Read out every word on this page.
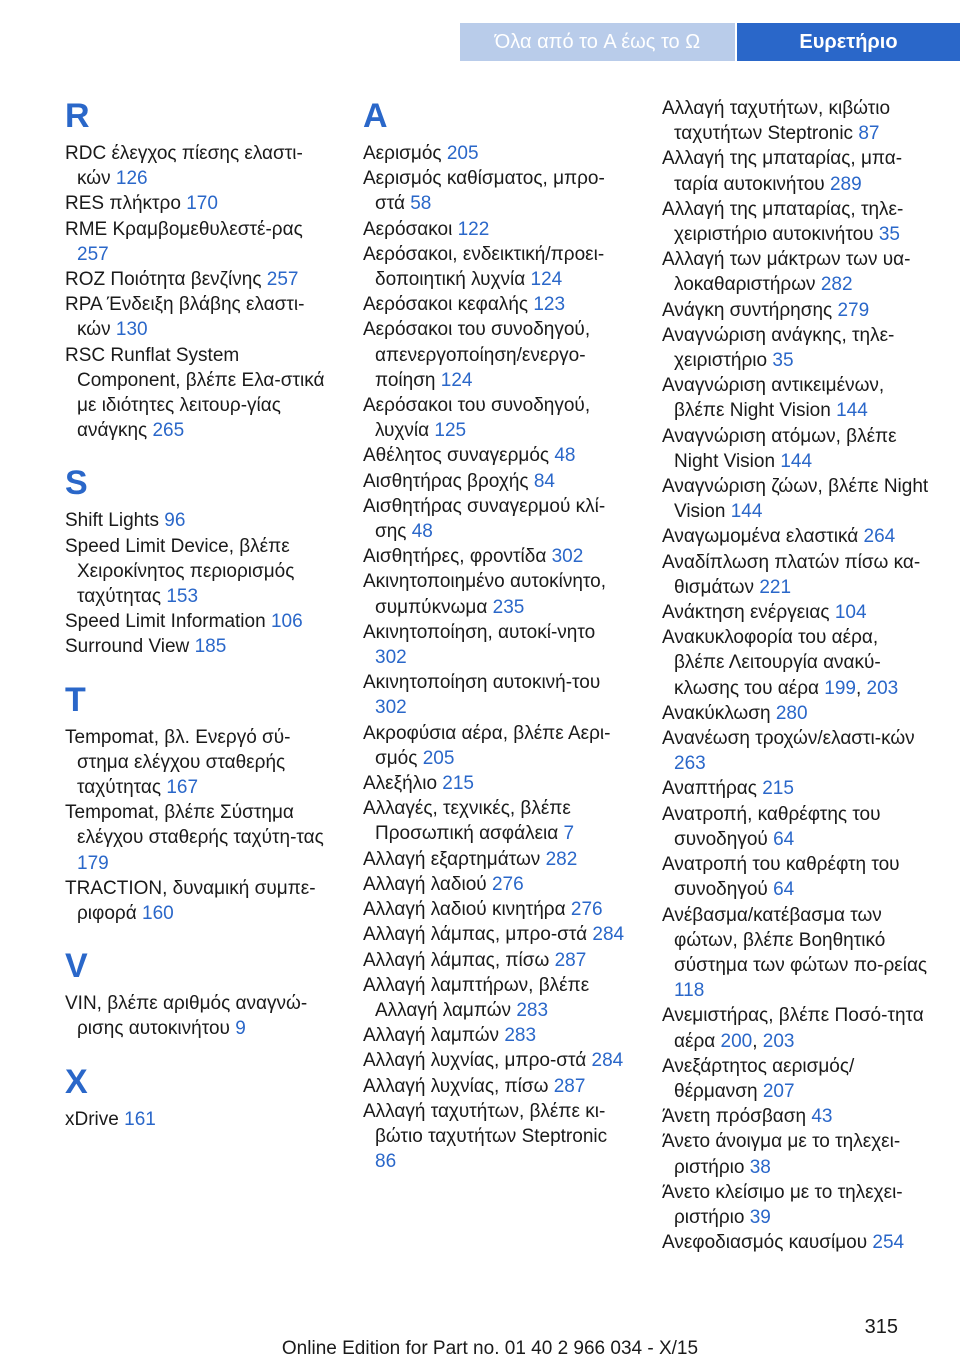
Όλα από το A έως το Ω	Ευρετήριο
R
RDC έλεγχος πίεσης ελαστι‐κών 126
RES πλήκτρο 170
RME Κραμβομεθυλεστέ‐ρας 257
ROZ Ποιότητα βενζίνης 257
RPA Ένδειξη βλάβης ελαστι‐κών 130
RSC Runflat System Component, βλέπε Ελα‐στικά με ιδιότητες λειτουρ‐γίας ανάγκης 265
S
Shift Lights 96
Speed Limit Device, βλέπε Χειροκίνητος περιορισμός ταχύτητας 153
Speed Limit Information 106
Surround View 185
T
Tempomat, βλ. Ενεργό σύ‐στημα ελέγχου σταθερής ταχύτητας 167
Tempomat, βλέπε Σύστημα ελέγχου σταθερής ταχύτη‐τας 179
TRACTION, δυναμική συμπε‐ριφορά 160
V
VIN, βλέπε αριθμός αναγνώ‐ρισης αυτοκινήτου 9
X
xDrive 161
A
Αερισμός 205
Αερισμός καθίσματος, μπρο‐στά 58
Αερόσακοι 122
Αερόσακοι, ενδεικτική/προει‐δοποιητική λυχνία 124
Αερόσακοι κεφαλής 123
Αερόσακοι του συνοδηγού, απενεργοποίηση/ενεργο‐ποίηση 124
Αερόσακοι του συνοδηγού, λυχνία 125
Αθέλητος συναγερμός 48
Αισθητήρας βροχής 84
Αισθητήρας συναγερμού κλί‐σης 48
Αισθητήρες, φροντίδα 302
Ακινητοποιημένο αυτοκίνητο, συμπύκνωμα 235
Ακινητοποίηση, αυτοκί‐νητο 302
Ακινητοποίηση αυτοκινή‐του 302
Ακροφύσια αέρα, βλέπε Αερι‐σμός 205
Αλεξήλιο 215
Αλλαγές, τεχνικές, βλέπε Προσωπική ασφάλεια 7
Αλλαγή εξαρτημάτων 282
Αλλαγή λαδιού 276
Αλλαγή λαδιού κινητήρα 276
Αλλαγή λάμπας, μπρο‐στά 284
Αλλαγή λάμπας, πίσω 287
Αλλαγή λαμπτήρων, βλέπε Αλλαγή λαμπών 283
Αλλαγή λαμπών 283
Αλλαγή λυχνίας, μπρο‐στά 284
Αλλαγή λυχνίας, πίσω 287
Αλλαγή ταχυτήτων, βλέπε κι‐βώτιο ταχυτήτων Steptronic 86
Αλλαγή ταχυτήτων, κιβώτιο ταχυτήτων Steptronic 87
Αλλαγή της μπαταρίας, μπα‐ταρία αυτοκινήτου 289
Αλλαγή της μπαταρίας, τηλε‐χειριστήριο αυτοκινήτου 35
Αλλαγή των μάκτρων των υα‐λοκαθαριστήρων 282
Ανάγκη συντήρησης 279
Αναγνώριση ανάγκης, τηλε‐χειριστήριο 35
Αναγνώριση αντικειμένων, βλέπε Night Vision 144
Αναγνώριση ατόμων, βλέπε Night Vision 144
Αναγνώριση ζώων, βλέπε Night Vision 144
Αναγωμομένα ελαστικά 264
Αναδίπλωση πλατών πίσω κα‐θισμάτων 221
Ανάκτηση ενέργειας 104
Ανακυκλοφορία του αέρα, βλέπε Λειτουργία ανακύ‐κλωσης του αέρα 199, 203
Ανακύκλωση 280
Ανανέωση τροχών/ελαστι‐κών 263
Αναπτήρας 215
Ανατροπή, καθρέφτης του συνοδηγού 64
Ανατροπή του καθρέφτη του συνοδηγού 64
Ανέβασμα/κατέβασμα των φώτων, βλέπε Βοηθητικό σύστημα των φώτων πο‐ρείας 118
Ανεμιστήρας, βλέπε Ποσό‐τητα αέρα 200, 203
Ανεξάρτητος αερισμός/θέρμανση 207
Άνετη πρόσβαση 43
Άνετο άνοιγμα με το τηλεχει‐ριστήριο 38
Άνετο κλείσιμο με το τηλεχει‐ριστήριο 39
Ανεφοδιασμός καυσίμου 254
315
Online Edition for Part no. 01 40 2 966 034 - X/15
